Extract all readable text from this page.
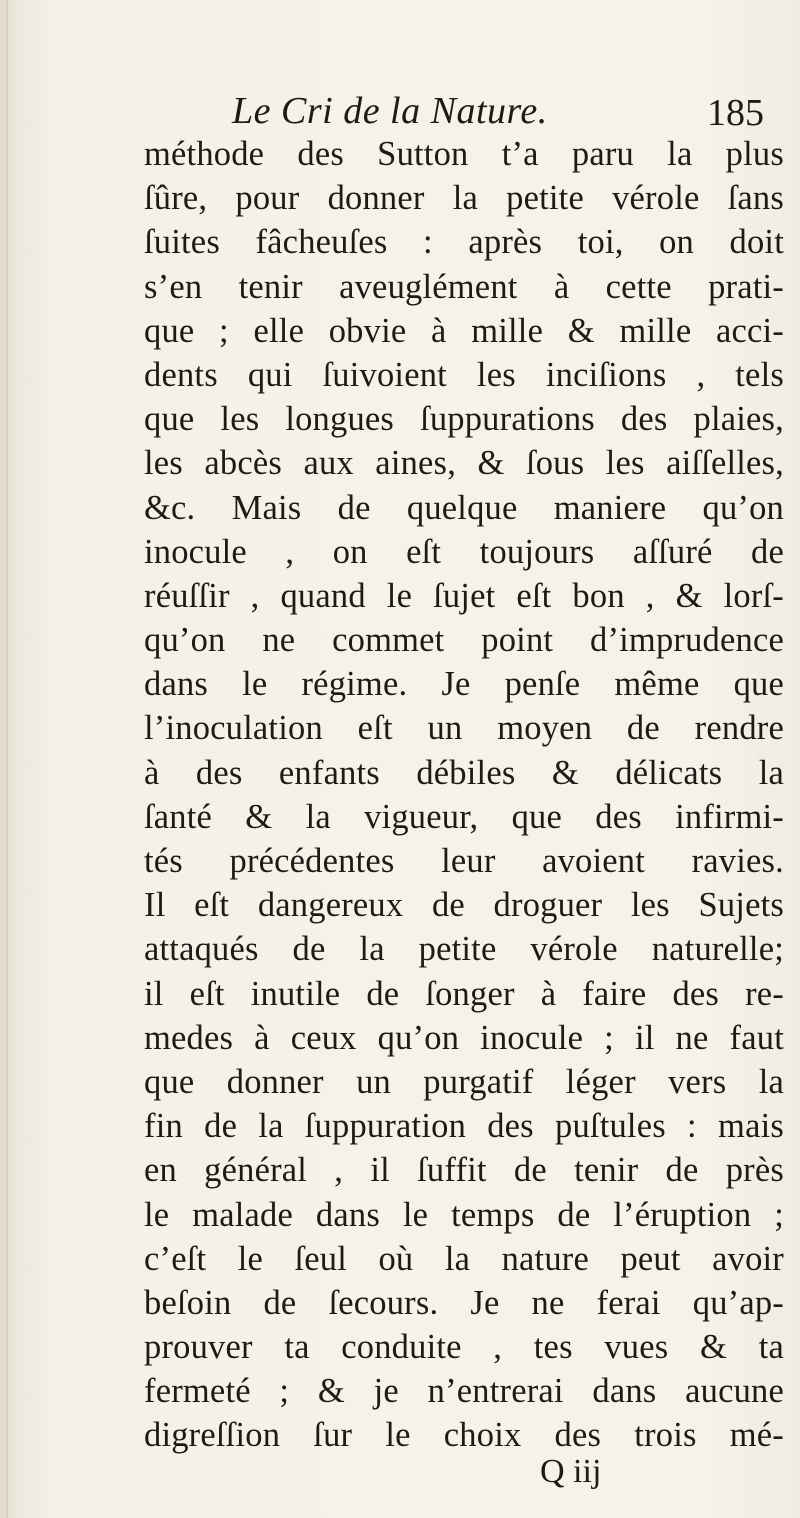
Le Cri de la Nature.	185
méthode des Sutton t’a paru la plus
ſûre, pour donner la petite vérole ſans
ſuites fâcheuſes : après toi, on doit
s’en tenir aveuglément à cette prati-
que ; elle obvie à mille & mille acci-
dents qui ſuivoient les inciſions , tels
que les longues ſuppurations des plaies,
les abcès aux aines, & ſous les aiſſelles,
&c. Mais de quelque maniere qu’on
inocule , on eſt toujours aſſuré de
réuſſir , quand le ſujet eſt bon , & lorſ-
qu’on ne commet point d’imprudence
dans le régime. Je penſe même que
l’inoculation eſt un moyen de rendre
à des enfants débiles & délicats la
ſanté & la vigueur, que des infirmi-
tés précédentes leur avoient ravies.
Il eſt dangereux de droguer les Sujets
attaqués de la petite vérole naturelle;
il eſt inutile de ſonger à faire des re-
medes à ceux qu’on inocule ; il ne faut
que donner un purgatif léger vers la
fin de la ſuppuration des puſtules : mais
en général , il ſuffit de tenir de près
le malade dans le temps de l’éruption ;
c’eſt le ſeul où la nature peut avoir
beſoin de ſecours. Je ne ferai qu’ap-
prouver ta conduite , tes vues & ta
fermeté ; & je n’entrerai dans aucune
digreſſion ſur le choix des trois mé-
Q iij
